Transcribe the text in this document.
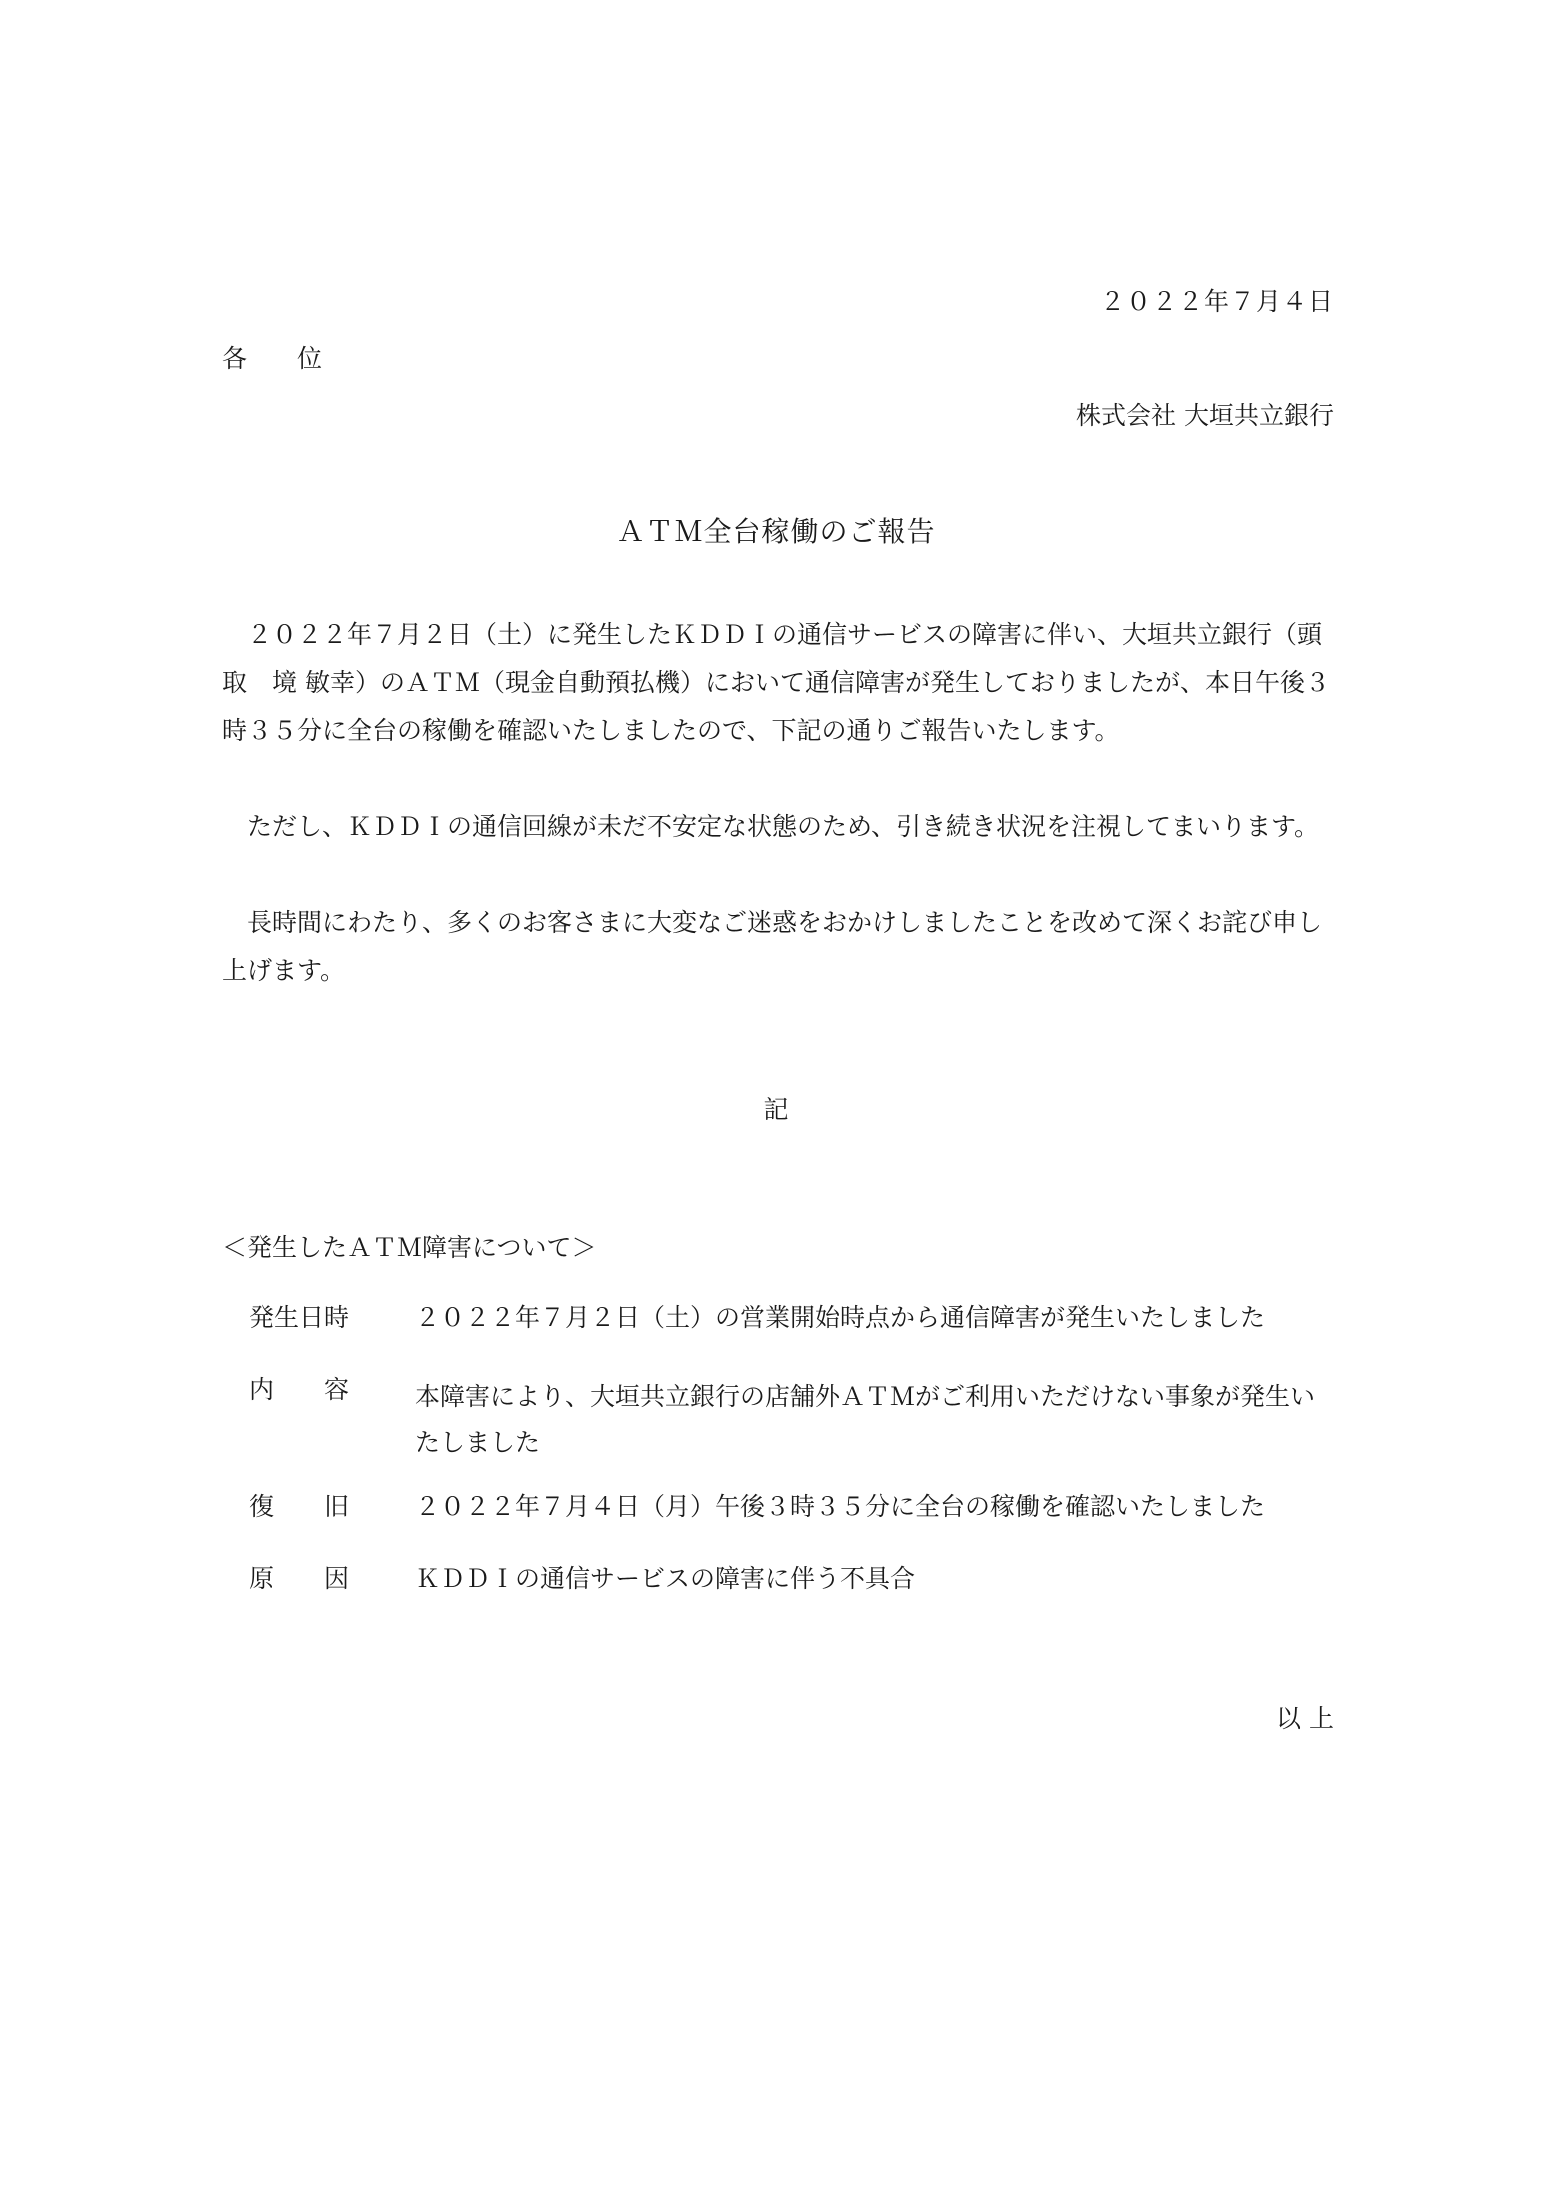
２０２２年７月４日

各　　位

株式会社 大垣共立銀行

ＡＴＭ全台稼働のご報告

　２０２２年７月２日（土）に発生したＫＤＤＩの通信サービスの障害に伴い、大垣共立銀行（頭取　境 敏幸）のＡＴＭ（現金自動預払機）において通信障害が発生しておりましたが、本日午後３時３５分に全台の稼働を確認いたしましたので、下記の通りご報告いたします。

　ただし、ＫＤＤＩの通信回線が未だ不安定な状態のため、引き続き状況を注視してまいります。

　長時間にわたり、多くのお客さまに大変なご迷惑をおかけしましたことを改めて深くお詫び申し上げます。

記

＜発生したＡＴＭ障害について＞

発生日時	２０２２年７月２日（土）の営業開始時点から通信障害が発生いたしました

内　　容	本障害により、大垣共立銀行の店舗外ＡＴＭがご利用いただけない事象が発生いたしました

復　　旧	２０２２年７月４日（月）午後３時３５分に全台の稼働を確認いたしました

原　　因	ＫＤＤＩの通信サービスの障害に伴う不具合

以 上
